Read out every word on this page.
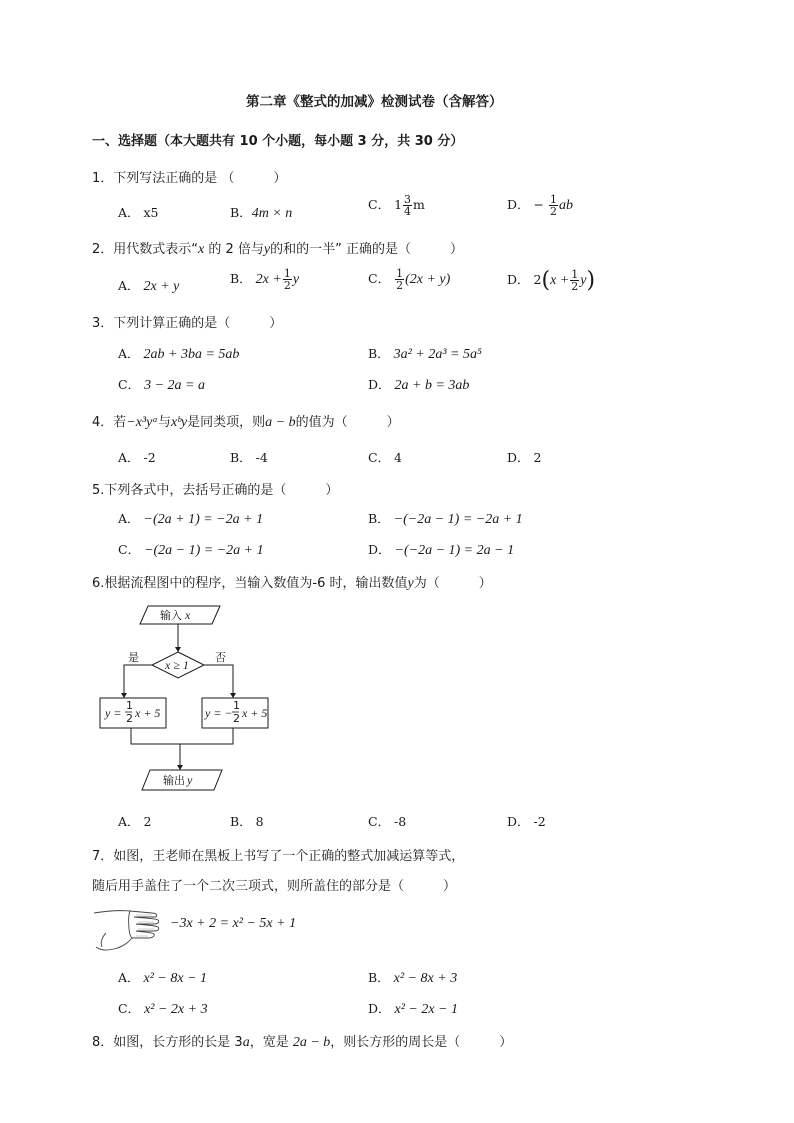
第二章《整式的加减》检测试卷（含解答）
一、选择题（本大题共有 10 个小题，每小题 3 分，共 30 分）
1．下列写法正确的是 （　　　）
A． x5	B．4m × n
C． $1 \frac{3}{4}$ m	D． − $\frac{1}{2}$ ab
2．用代数式表示“x 的 2 倍与y的和的一半” 正确的是（　　　）
A． 2x + y
B． $2x + \frac{1}{2}$ y	C． $\frac{1}{2} (2x + y)$	D． $2(x + \frac{1}{2} y)$
3．下列计算正确的是（　　　）
A． 2ab + 3ba = 5ab	B． 3a² + 2a³ = 5a⁵
C． 3 − 2a = a	D． 2a + b = 3ab
4．若−x³yᵃ与xᵇy是同类项，则a − b的值为（　　　）
A． -2	B． -4	C． 4	D． 2
5.下列各式中，去括号正确的是（　　　）
A． −(2a + 1) = −2a + 1	B． −(−2a − 1) = −2a + 1
C． −(2a − 1) = −2a + 1	D． −(−2a − 1) = 2a − 1
6.根据流程图中的程序，当输入数值为-6 时，输出数值y为（　　　）
输入 x
x ≥ 1
是	否
y =
1
2 x + 5	y = −
1
2 x + 5
输出 y
A． 2	B． 8	C． -8	D． -2
7．如图，王老师在黑板上书写了一个正确的整式加减运算等式，
随后用手盖住了一个二次三项式，则所盖住的部分是（　　　）
−3x + 2 = x² − 5x + 1
A． x² − 8x − 1	B． x² − 8x + 3
C． x² − 2x + 3	D． x² − 2x − 1
8．如图，长方形的长是 3a，宽是 2a − b，则长方形的周长是（　　　）
